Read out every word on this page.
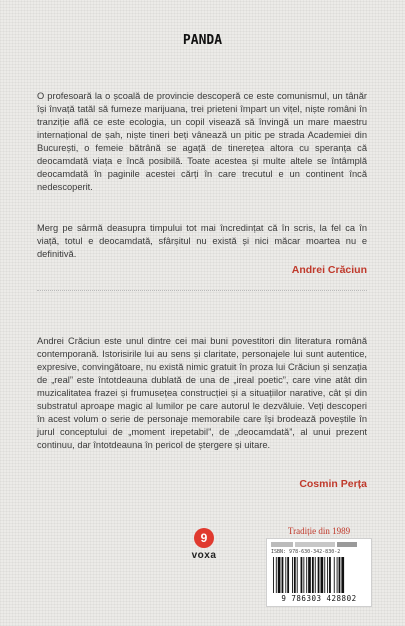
PANDA

O profesoară la o școală de provincie descoperă ce este comunismul, un tânăr își învață tatăl să fumeze marijuana, trei prieteni împart un vițel, niște români în tranziție află ce este ecologia, un copil visează să învingă un mare maestru internațional de șah, niște tineri beți vânează un pitic pe strada Academiei din București, o femeie bătrână se agață de tinerețea altora cu speranța că deocamdată viața e încă posibilă. Toate acestea și multe altele se întâmplă deocamdată în paginile acestei cărți în care trecutul e un continent încă nedescoperit.

Merg pe sârmă deasupra timpului tot mai încredințat că în scris, la fel ca în viață, totul e deocamdată, sfârșitul nu există și nici măcar moartea nu e definitivă.

Andrei Crăciun

Andrei Crăciun este unul dintre cei mai buni povestitori din literatura română contemporană. Istorisirile lui au sens și claritate, personajele lui sunt autentice, expresive, convingătoare, nu există nimic gratuit în proza lui Crăciun și senzația de „real” este întotdeauna dublată de una de „ireal poetic”, care vine atât din muzicalitatea frazei și frumusețea construcției și a situațiilor narative, cât și din substratul aproape magic al lumilor pe care autorul le dezvăluie. Veți descoperi în acest volum o serie de personaje memorabile care își brodează poveștile în jurul conceptului de „moment irepetabil”, de „deocamdată”, al unui prezent continuu, dar întotdeauna în pericol de ștergere și uitare.

Cosmin Perța
9
voxa
Tradiție din 1989
ISBN: 978-630-342-830-2
9 786303 428802
